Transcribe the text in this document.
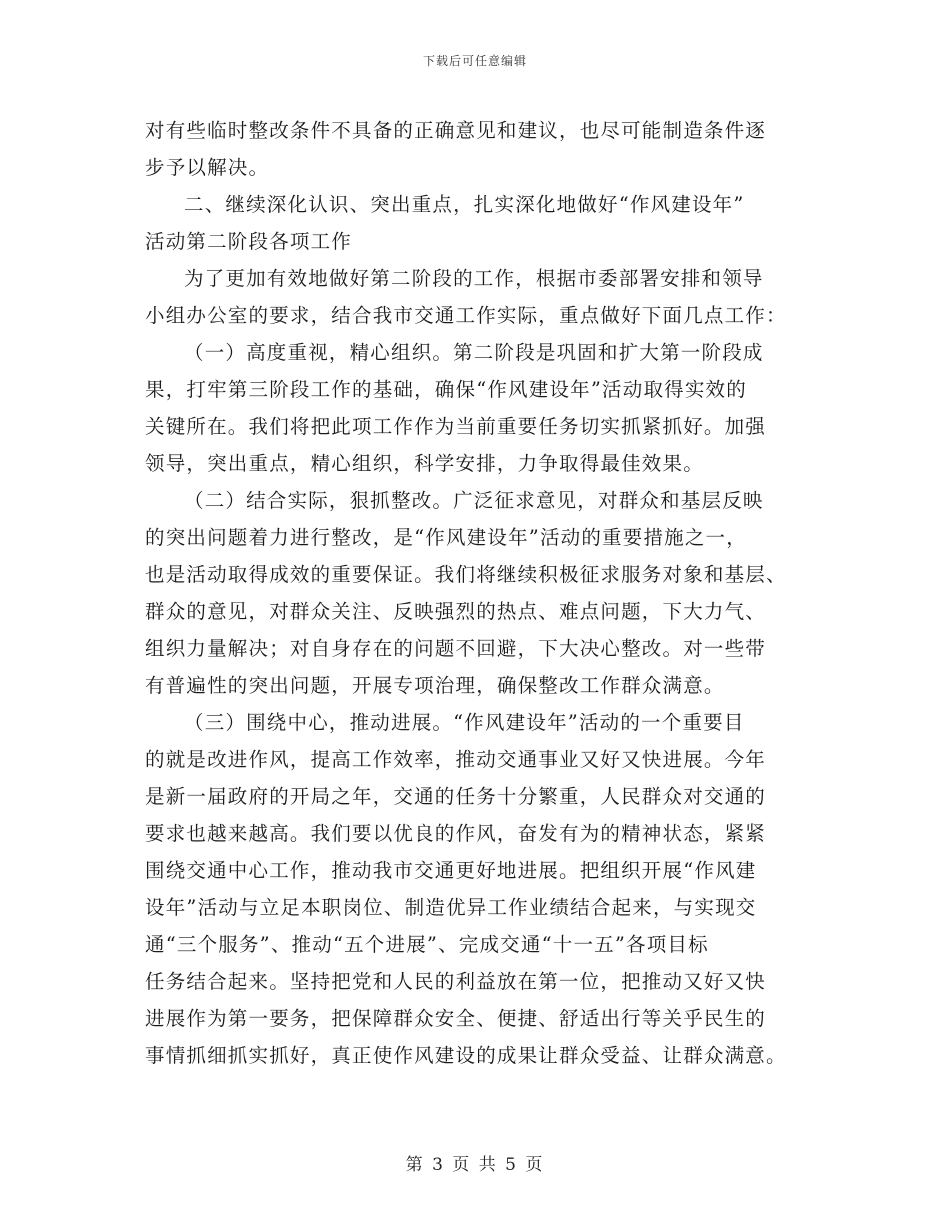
下载后可任意编辑
对有些临时整改条件不具备的正确意见和建议，也尽可能制造条件逐
步予以解决。
二、继续深化认识、突出重点，扎实深化地做好“作风建设年”
活动第二阶段各项工作
为了更加有效地做好第二阶段的工作，根据市委部署安排和领导
小组办公室的要求，结合我市交通工作实际，重点做好下面几点工作：
（一）高度重视，精心组织。第二阶段是巩固和扩大第一阶段成
果，打牢第三阶段工作的基础，确保“作风建设年”活动取得实效的
关键所在。我们将把此项工作作为当前重要任务切实抓紧抓好。加强
领导，突出重点，精心组织，科学安排，力争取得最佳效果。
（二）结合实际，狠抓整改。广泛征求意见，对群众和基层反映
的突出问题着力进行整改，是“作风建设年”活动的重要措施之一，
也是活动取得成效的重要保证。我们将继续积极征求服务对象和基层、
群众的意见，对群众关注、反映强烈的热点、难点问题，下大力气、
组织力量解决；对自身存在的问题不回避，下大决心整改。对一些带
有普遍性的突出问题，开展专项治理，确保整改工作群众满意。
（三）围绕中心，推动进展。“作风建设年”活动的一个重要目
的就是改进作风，提高工作效率，推动交通事业又好又快进展。今年
是新一届政府的开局之年，交通的任务十分繁重，人民群众对交通的
要求也越来越高。我们要以优良的作风，奋发有为的精神状态，紧紧
围绕交通中心工作，推动我市交通更好地进展。把组织开展“作风建
设年”活动与立足本职岗位、制造优异工作业绩结合起来，与实现交
通“三个服务”、推动“五个进展”、完成交通“十一五”各项目标
任务结合起来。坚持把党和人民的利益放在第一位，把推动又好又快
进展作为第一要务，把保障群众安全、便捷、舒适出行等关乎民生的
事情抓细抓实抓好，真正使作风建设的成果让群众受益、让群众满意。
第 3 页 共 5 页
